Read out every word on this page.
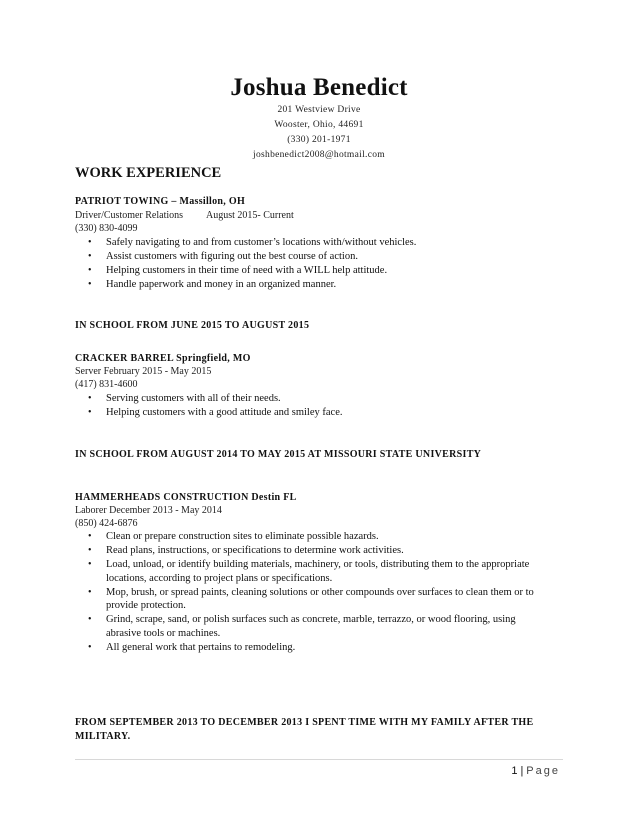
Joshua Benedict
201 Westview Drive
Wooster, Ohio, 44691
(330) 201-1971
joshbenedict2008@hotmail.com
WORK EXPERIENCE
PATRIOT TOWING – Massillon, OH
Driver/Customer Relations August 2015- Current
(330) 830-4099
• Safely navigating to and from customer’s locations with/without vehicles.
• Assist customers with figuring out the best course of action.
• Helping customers in their time of need with a WILL help attitude.
• Handle paperwork and money in an organized manner.
IN SCHOOL FROM JUNE 2015 TO AUGUST 2015
CRACKER BARREL Springfield, MO
Server February 2015 - May 2015
(417) 831-4600
• Serving customers with all of their needs.
• Helping customers with a good attitude and smiley face.
IN SCHOOL FROM AUGUST 2014 TO MAY 2015 AT MISSOURI STATE UNIVERSITY
HAMMERHEADS CONSTRUCTION Destin FL
Laborer December 2013 - May 2014
(850) 424-6876
• Clean or prepare construction sites to eliminate possible hazards.
• Read plans, instructions, or specifications to determine work activities.
• Load, unload, or identify building materials, machinery, or tools, distributing them to the appropriate locations, according to project plans or specifications.
• Mop, brush, or spread paints, cleaning solutions or other compounds over surfaces to clean them or to provide protection.
• Grind, scrape, sand, or polish surfaces such as concrete, marble, terrazzo, or wood flooring, using abrasive tools or machines.
• All general work that pertains to remodeling.
FROM SEPTEMBER 2013 TO DECEMBER 2013 I SPENT TIME WITH MY FAMILY AFTER THE MILITARY.
1 | Page
